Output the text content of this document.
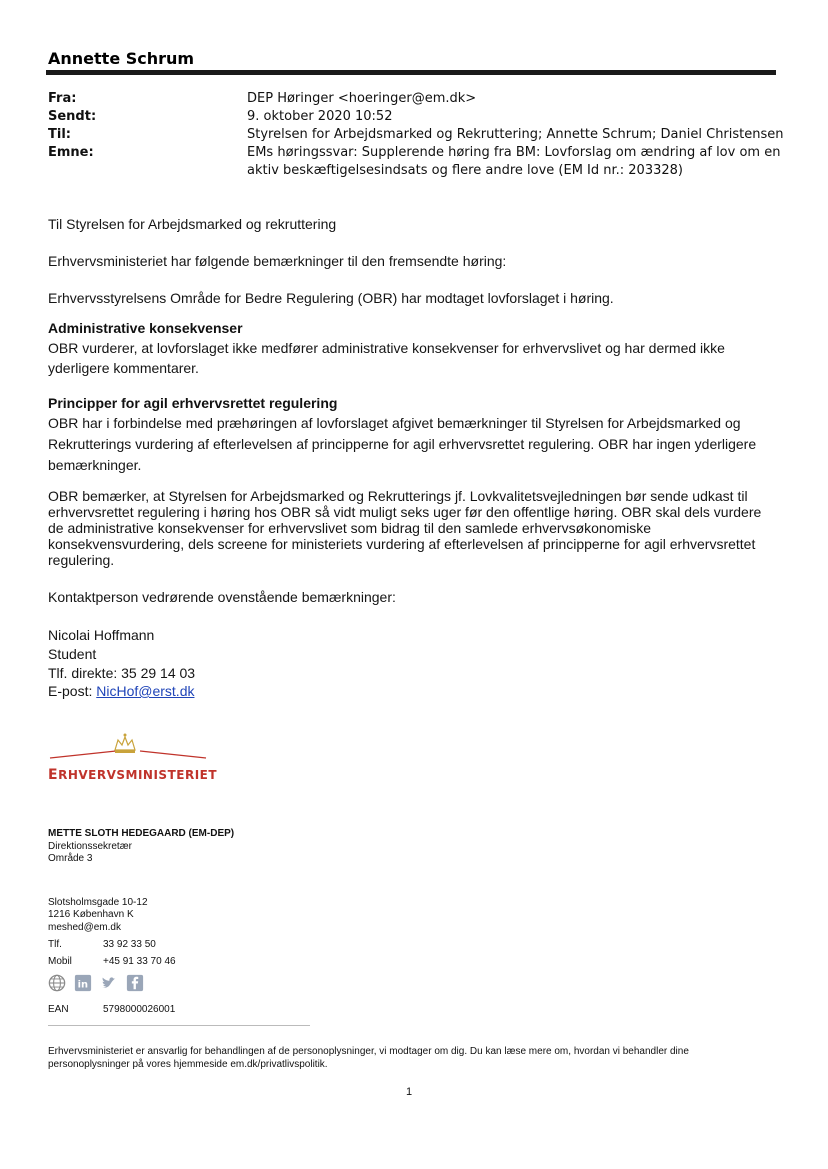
Annette Schrum
Fra:	DEP Høringer <hoeringer@em.dk>
Sendt:	9. oktober 2020 10:52
Til:	Styrelsen for Arbejdsmarked og Rekruttering; Annette Schrum; Daniel Christensen
Emne:	EMs høringssvar: Supplerende høring fra BM: Lovforslag om ændring af lov om en
aktiv beskæftigelsesindsats og flere andre love (EM Id nr.: 203328)
Til Styrelsen for Arbejdsmarked og rekruttering
Erhvervsministeriet har følgende bemærkninger til den fremsendte høring:
Erhvervsstyrelsens Område for Bedre Regulering (OBR) har modtaget lovforslaget i høring.
Administrative konsekvenser
OBR vurderer, at lovforslaget ikke medfører administrative konsekvenser for erhvervslivet og har dermed ikke
yderligere kommentarer.
Principper for agil erhvervsrettet regulering
OBR har i forbindelse med præhøringen af lovforslaget afgivet bemærkninger til Styrelsen for Arbejdsmarked og
Rekrutterings vurdering af efterlevelsen af principperne for agil erhvervsrettet regulering. OBR har ingen yderligere
bemærkninger.
OBR bemærker, at Styrelsen for Arbejdsmarked og Rekrutterings jf. Lovkvalitetsvejledningen bør sende udkast til
erhvervsrettet regulering i høring hos OBR så vidt muligt seks uger før den offentlige høring. OBR skal dels vurdere
de administrative konsekvenser for erhvervslivet som bidrag til den samlede erhvervsøkonomiske
konsekvensvurdering, dels screene for ministeriets vurdering af efterlevelsen af principperne for agil erhvervsrettet
regulering.
Kontaktperson vedrørende ovenstående bemærkninger:
Nicolai Hoffmann
Student
Tlf. direkte: 35 29 14 03
E-post: NicHof@erst.dk
ERHVERVSMINISTERIET
METTE SLOTH HEDEGAARD (EM-DEP)
Direktionssekretær
Område 3
Slotsholmsgade 10-12
1216 København K
meshed@em.dk
Tlf.	33 92 33 50
Mobil	+45 91 33 70 46
in
EAN	5798000026001
Erhvervsministeriet er ansvarlig for behandlingen af de personoplysninger, vi modtager om dig. Du kan læse mere om, hvordan vi behandler dine
personoplysninger på vores hjemmeside em.dk/privatlivspolitik.
1
